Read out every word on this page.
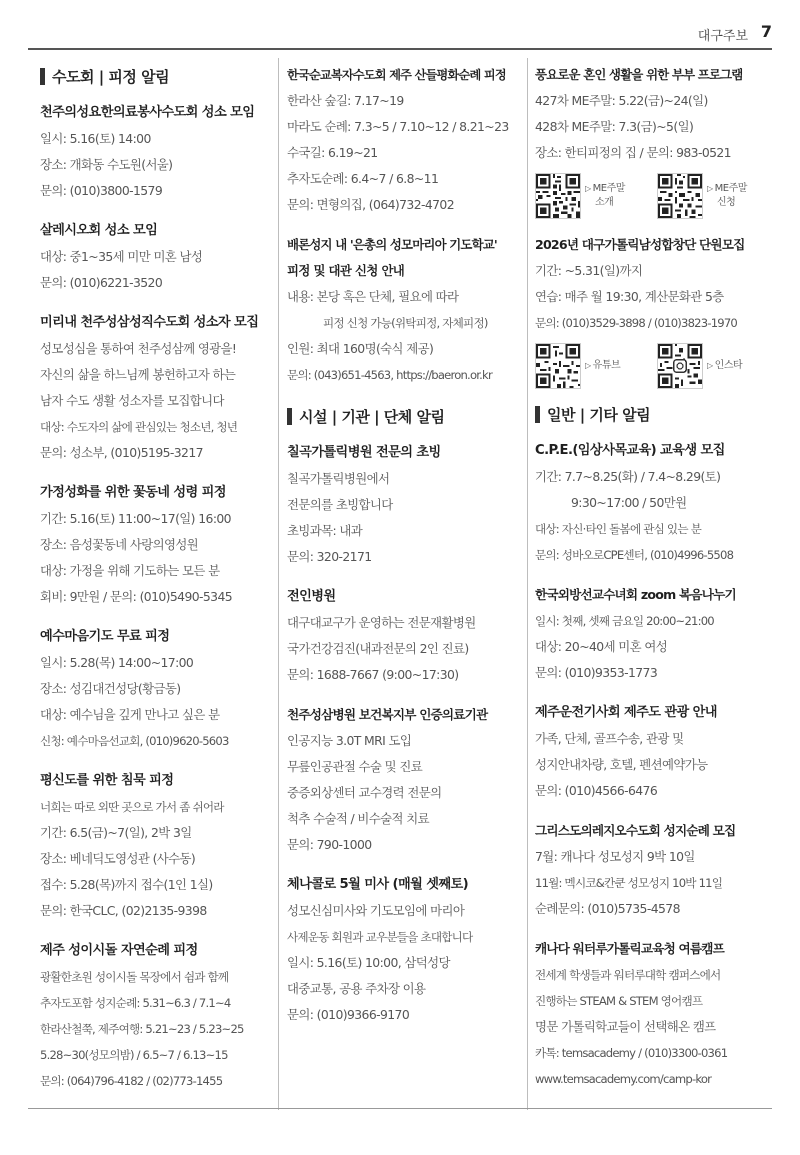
대구주보 7
수도회 | 피정 알림
천주의성요한의료봉사수도회 성소 모임
일시: 5.16(토) 14:00
장소: 개화동 수도원(서울)
문의: (010)3800-1579
살레시오회 성소 모임
대상: 중1~35세 미만 미혼 남성
문의: (010)6221-3520
미리내 천주성삼성직수도회 성소자 모집
성모성심을 통하여 천주성삼께 영광을!
자신의 삶을 하느님께 봉헌하고자 하는
남자 수도 생활 성소자를 모집합니다
대상: 수도자의 삶에 관심있는 청소년, 청년
문의: 성소부, (010)5195-3217
가정성화를 위한 꽃동네 성령 피정
기간: 5.16(토) 11:00~17(일) 16:00
장소: 음성꽃동네 사랑의영성원
대상: 가정을 위해 기도하는 모든 분
회비: 9만원 / 문의: (010)5490-5345
예수마음기도 무료 피정
일시: 5.28(목) 14:00~17:00
장소: 성김대건성당(황금동)
대상: 예수님을 깊게 만나고 싶은 분
신청: 예수마음선교회, (010)9620-5603
평신도를 위한 침묵 피정
너희는 따로 외딴 곳으로 가서 좀 쉬어라
기간: 6.5(금)~7(일), 2박 3일
장소: 베네딕도영성관 (사수동)
접수: 5.28(목)까지 접수(1인 1실)
문의: 한국CLC, (02)2135-9398
제주 성이시돌 자연순례 피정
광활한초원 성이시돌 목장에서 쉼과 함께
추자도포함 성지순례: 5.31~6.3 / 7.1~4
한라산철쭉, 제주여행: 5.21~23 / 5.23~25
5.28~30(성모의밤) / 6.5~7 / 6.13~15
문의: (064)796-4182 / (02)773-1455
한국순교복자수도회 제주 산들평화순례 피정
한라산 숲길: 7.17~19
마라도 순례: 7.3~5 / 7.10~12 / 8.21~23
수국길: 6.19~21
추자도순례: 6.4~7 / 6.8~11
문의: 면형의집, (064)732-4702
배론성지 내 '은총의 성모마리아 기도학교'
피정 및 대관 신청 안내
내용: 본당 혹은 단체, 필요에 따라
피정 신청 가능(위탁피정, 자체피정)
인원: 최대 160명(숙식 제공)
문의: (043)651-4563, https://baeron.or.kr
시설 | 기관 | 단체 알림
칠곡가톨릭병원 전문의 초빙
칠곡가톨릭병원에서
전문의를 초빙합니다
초빙과목: 내과
문의: 320-2171
전인병원
대구대교구가 운영하는 전문재활병원
국가건강검진(내과전문의 2인 진료)
문의: 1688-7667 (9:00~17:30)
천주성삼병원 보건복지부 인증의료기관
인공지능 3.0T MRI 도입
무릎인공관절 수술 및 진료
중증외상센터 교수경력 전문의
척추 수술적 / 비수술적 치료
문의: 790-1000
체나콜로 5월 미사 (매월 셋째토)
성모신심미사와 기도모임에 마리아
사제운동 회원과 교우분들을 초대합니다
일시: 5.16(토) 10:00, 삼덕성당
대중교통, 공용 주차장 이용
문의: (010)9366-9170
풍요로운 혼인 생활을 위한 부부 프로그램
427차 ME주말: 5.22(금)~24(일)
428차 ME주말: 7.3(금)~5(일)
장소: 한티피정의 집 / 문의: 983-0521
▷ ME주말
소개
▷ ME주말
신청
2026년 대구가톨릭남성합창단 단원모집
기간: ~5.31(일)까지
연습: 매주 월 19:30, 계산문화관 5층
문의: (010)3529-3898 / (010)3823-1970
▷ 유튜브	▷ 인스타
일반 | 기타 알림
C.P.E.(임상사목교육) 교육생 모집
기간: 7.7~8.25(화) / 7.4~8.29(토)
9:30~17:00 / 50만원
대상: 자신·타인 돌봄에 관심 있는 분
문의: 성바오로CPE센터, (010)4996-5508
한국외방선교수녀회 zoom 복음나누기
일시: 첫째, 셋째 금요일 20:00~21:00
대상: 20~40세 미혼 여성
문의: (010)9353-1773
제주운전기사회 제주도 관광 안내
가족, 단체, 골프수송, 관광 및
성지안내차량, 호텔, 펜션예약가능
문의: (010)4566-6476
그리스도의레지오수도회 성지순례 모집
7월: 캐나다 성모성지 9박 10일
11월: 멕시코&칸쿤 성모성지 10박 11일
순례문의: (010)5735-4578
캐나다 워터루가톨릭교육청 여름캠프
전세계 학생들과 워터루대학 캠퍼스에서
진행하는 STEAM & STEM 영어캠프
명문 가톨릭학교들이 선택해온 캠프
카톡: temsacademy / (010)3300-0361
www.temsacademy.com/camp-kor
